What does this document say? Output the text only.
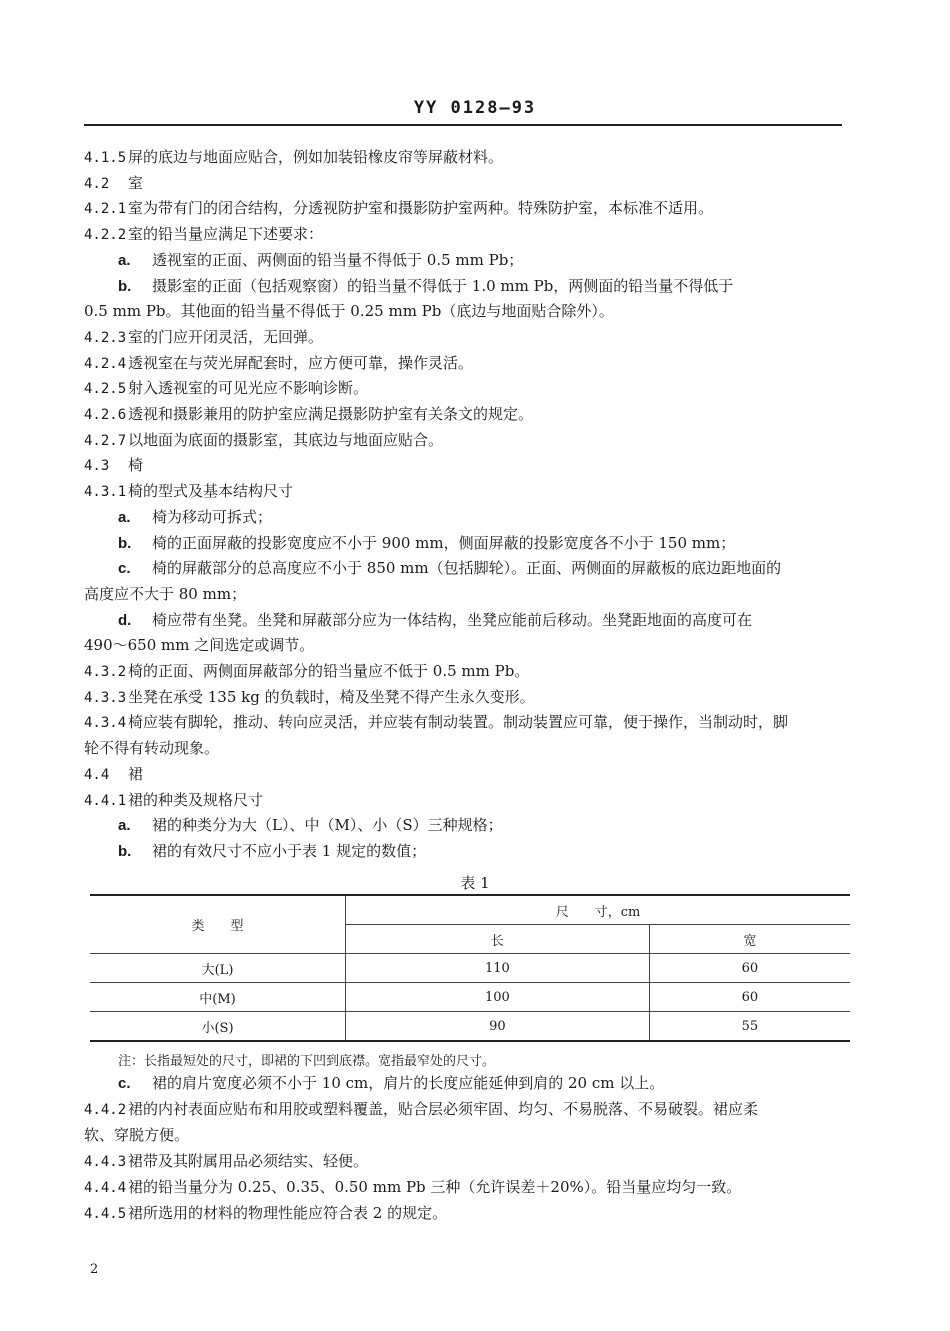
YY 0128—93
4.1.5 屏的底边与地面应贴合，例如加装铅橡皮帘等屏蔽材料。
4.2 室
4.2.1 室为带有门的闭合结构，分透视防护室和摄影防护室两种。特殊防护室，本标准不适用。
4.2.2 室的铅当量应满足下述要求：
a. 透视室的正面、两侧面的铅当量不得低于 0.5 mm Pb；
b. 摄影室的正面（包括观察窗）的铅当量不得低于 1.0 mm Pb，两侧面的铅当量不得低于
0.5 mm Pb。其他面的铅当量不得低于 0.25 mm Pb（底边与地面贴合除外）。
4.2.3 室的门应开闭灵活，无回弹。
4.2.4 透视室在与荧光屏配套时，应方便可靠，操作灵活。
4.2.5 射入透视室的可见光应不影响诊断。
4.2.6 透视和摄影兼用的防护室应满足摄影防护室有关条文的规定。
4.2.7 以地面为底面的摄影室，其底边与地面应贴合。
4.3 椅
4.3.1 椅的型式及基本结构尺寸
a. 椅为移动可拆式；
b. 椅的正面屏蔽的投影宽度应不小于 900 mm，侧面屏蔽的投影宽度各不小于 150 mm；
c. 椅的屏蔽部分的总高度应不小于 850 mm（包括脚轮）。正面、两侧面的屏蔽板的底边距地面的
高度应不大于 80 mm；
d. 椅应带有坐凳。坐凳和屏蔽部分应为一体结构，坐凳应能前后移动。坐凳距地面的高度可在
490～650 mm 之间选定或调节。
4.3.2 椅的正面、两侧面屏蔽部分的铅当量应不低于 0.5 mm Pb。
4.3.3 坐凳在承受 135 kg 的负载时，椅及坐凳不得产生永久变形。
4.3.4 椅应装有脚轮，推动、转向应灵活，并应装有制动装置。制动装置应可靠，便于操作，当制动时，脚
轮不得有转动现象。
4.4 裙
4.4.1 裙的种类及规格尺寸
a. 裙的种类分为大（L）、中（M）、小（S）三种规格；
b. 裙的有效尺寸不应小于表 1 规定的数值；
表 1
类　　型	尺　　寸，cm	
	长	宽
大(L)	110	60
中(M)	100	60
小(S)	90	55
注：长指最短处的尺寸，即裙的下凹到底襟。宽指最窄处的尺寸。
c. 裙的肩片宽度必须不小于 10 cm，肩片的长度应能延伸到肩的 20 cm 以上。
4.4.2 裙的内衬表面应贴布和用胶或塑料覆盖，贴合层必须牢固、均匀、不易脱落、不易破裂。裙应柔
软、穿脱方便。
4.4.3 裙带及其附属用品必须结实、轻便。
4.4.4 裙的铅当量分为 0.25、0.35、0.50 mm Pb 三种（允许误差＋20%）。铅当量应均匀一致。
4.4.5 裙所选用的材料的物理性能应符合表 2 的规定。
2
